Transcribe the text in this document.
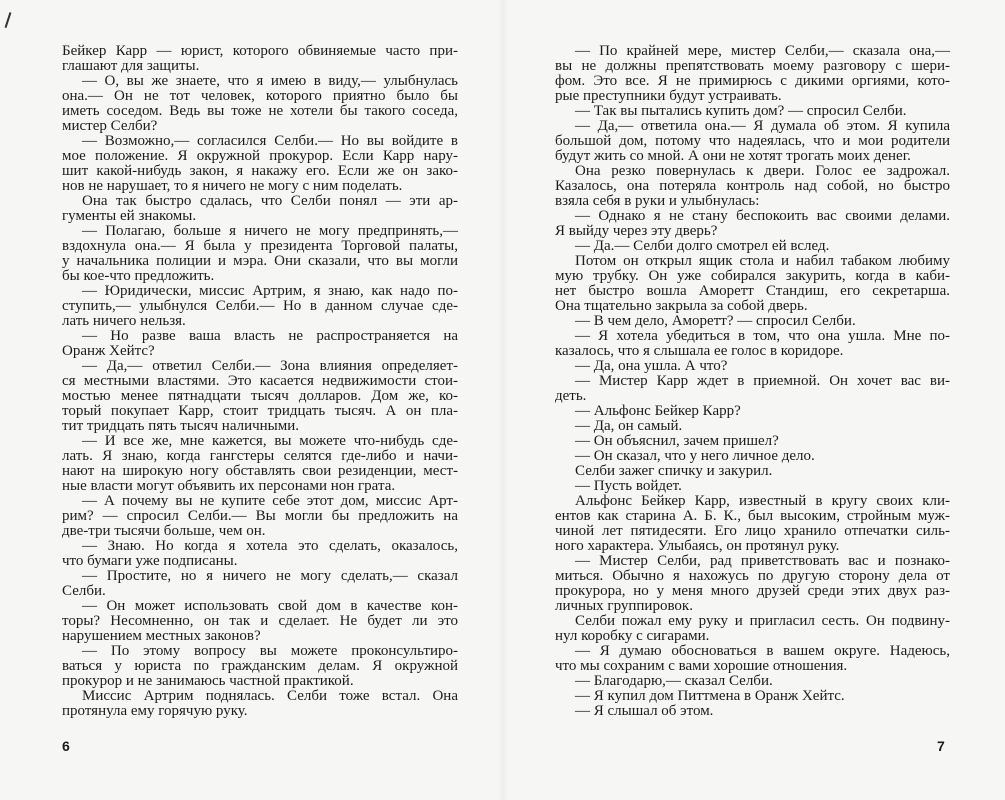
Бейкер Карр — юрист, которого обвиняемые часто при-
глашают для защиты.
— О, вы же знаете, что я имею в виду,— улыбнулась
она.— Он не тот человек, которого приятно было бы
иметь соседом. Ведь вы тоже не хотели бы такого соседа,
мистер Селби?
— Возможно,— согласился Селби.— Но вы войдите в
мое положение. Я окружной прокурор. Если Карр нару-
шит какой-нибудь закон, я накажу его. Если же он зако-
нов не нарушает, то я ничего не могу с ним поделать.
Она так быстро сдалась, что Селби понял — эти ар-
гументы ей знакомы.
— Полагаю, больше я ничего не могу предпринять,—
вздохнула она.— Я была у президента Торговой палаты,
у начальника полиции и мэра. Они сказали, что вы могли
бы кое-что предложить.
— Юридически, миссис Артрим, я знаю, как надо по-
ступить,— улыбнулся Селби.— Но в данном случае сде-
лать ничего нельзя.
— Но разве ваша власть не распространяется на
Оранж Хейтс?
— Да,— ответил Селби.— Зона влияния определяет-
ся местными властями. Это касается недвижимости стои-
мостью менее пятнадцати тысяч долларов. Дом же, ко-
торый покупает Карр, стоит тридцать тысяч. А он пла-
тит тридцать пять тысяч наличными.
— И все же, мне кажется, вы можете что-нибудь сде-
лать. Я знаю, когда гангстеры селятся где-либо и начи-
нают на широкую ногу обставлять свои резиденции, мест-
ные власти могут объявить их персонами нон грата.
— А почему вы не купите себе этот дом, миссис Арт-
рим? — спросил Селби.— Вы могли бы предложить на
две-три тысячи больше, чем он.
— Знаю. Но когда я хотела это сделать, оказалось,
что бумаги уже подписаны.
— Простите, но я ничего не могу сделать,— сказал
Селби.
— Он может использовать свой дом в качестве кон-
торы? Несомненно, он так и сделает. Не будет ли это
нарушением местных законов?
— По этому вопросу вы можете проконсультиро-
ваться у юриста по гражданским делам. Я окружной
прокурор и не занимаюсь частной практикой.
Миссис Артрим поднялась. Селби тоже встал. Она
протянула ему горячую руку.
— По крайней мере, мистер Селби,— сказала она,—
вы не должны препятствовать моему разговору с шери-
фом. Это все. Я не примирюсь с дикими оргиями, кото-
рые преступники будут устраивать.
— Так вы пытались купить дом? — спросил Селби.
— Да,— ответила она.— Я думала об этом. Я купила
большой дом, потому что надеялась, что и мои родители
будут жить со мной. А они не хотят трогать моих денег.
Она резко повернулась к двери. Голос ее задрожал.
Казалось, она потеряла контроль над собой, но быстро
взяла себя в руки и улыбнулась:
— Однако я не стану беспокоить вас своими делами.
Я выйду через эту дверь?
— Да.— Селби долго смотрел ей вслед.
Потом он открыл ящик стола и набил табаком любиму
мую трубку. Он уже собирался закурить, когда в каби-
нет быстро вошла Аморетт Стандиш, его секретарша.
Она тщательно закрыла за собой дверь.
— В чем дело, Аморетт? — спросил Селби.
— Я хотела убедиться в том, что она ушла. Мне по-
казалось, что я слышала ее голос в коридоре.
— Да, она ушла. А что?
— Мистер Карр ждет в приемной. Он хочет вас ви-
деть.
— Альфонс Бейкер Карр?
— Да, он самый.
— Он объяснил, зачем пришел?
— Он сказал, что у него личное дело.
Селби зажег спичку и закурил.
— Пусть войдет.
Альфонс Бейкер Карр, известный в кругу своих кли-
ентов как старина А. Б. К., был высоким, стройным муж-
чиной лет пятидесяти. Его лицо хранило отпечатки силь-
ного характера. Улыбаясь, он протянул руку.
— Мистер Селби, рад приветствовать вас и познако-
миться. Обычно я нахожусь по другую сторону дела от
прокурора, но у меня много друзей среди этих двух раз-
личных группировок.
Селби пожал ему руку и пригласил сесть. Он подвину-
нул коробку с сигарами.
— Я думаю обосноваться в вашем округе. Надеюсь,
что мы сохраним с вами хорошие отношения.
— Благодарю,— сказал Селби.
— Я купил дом Питтмена в Оранж Хейтс.
— Я слышал об этом.
6	7
